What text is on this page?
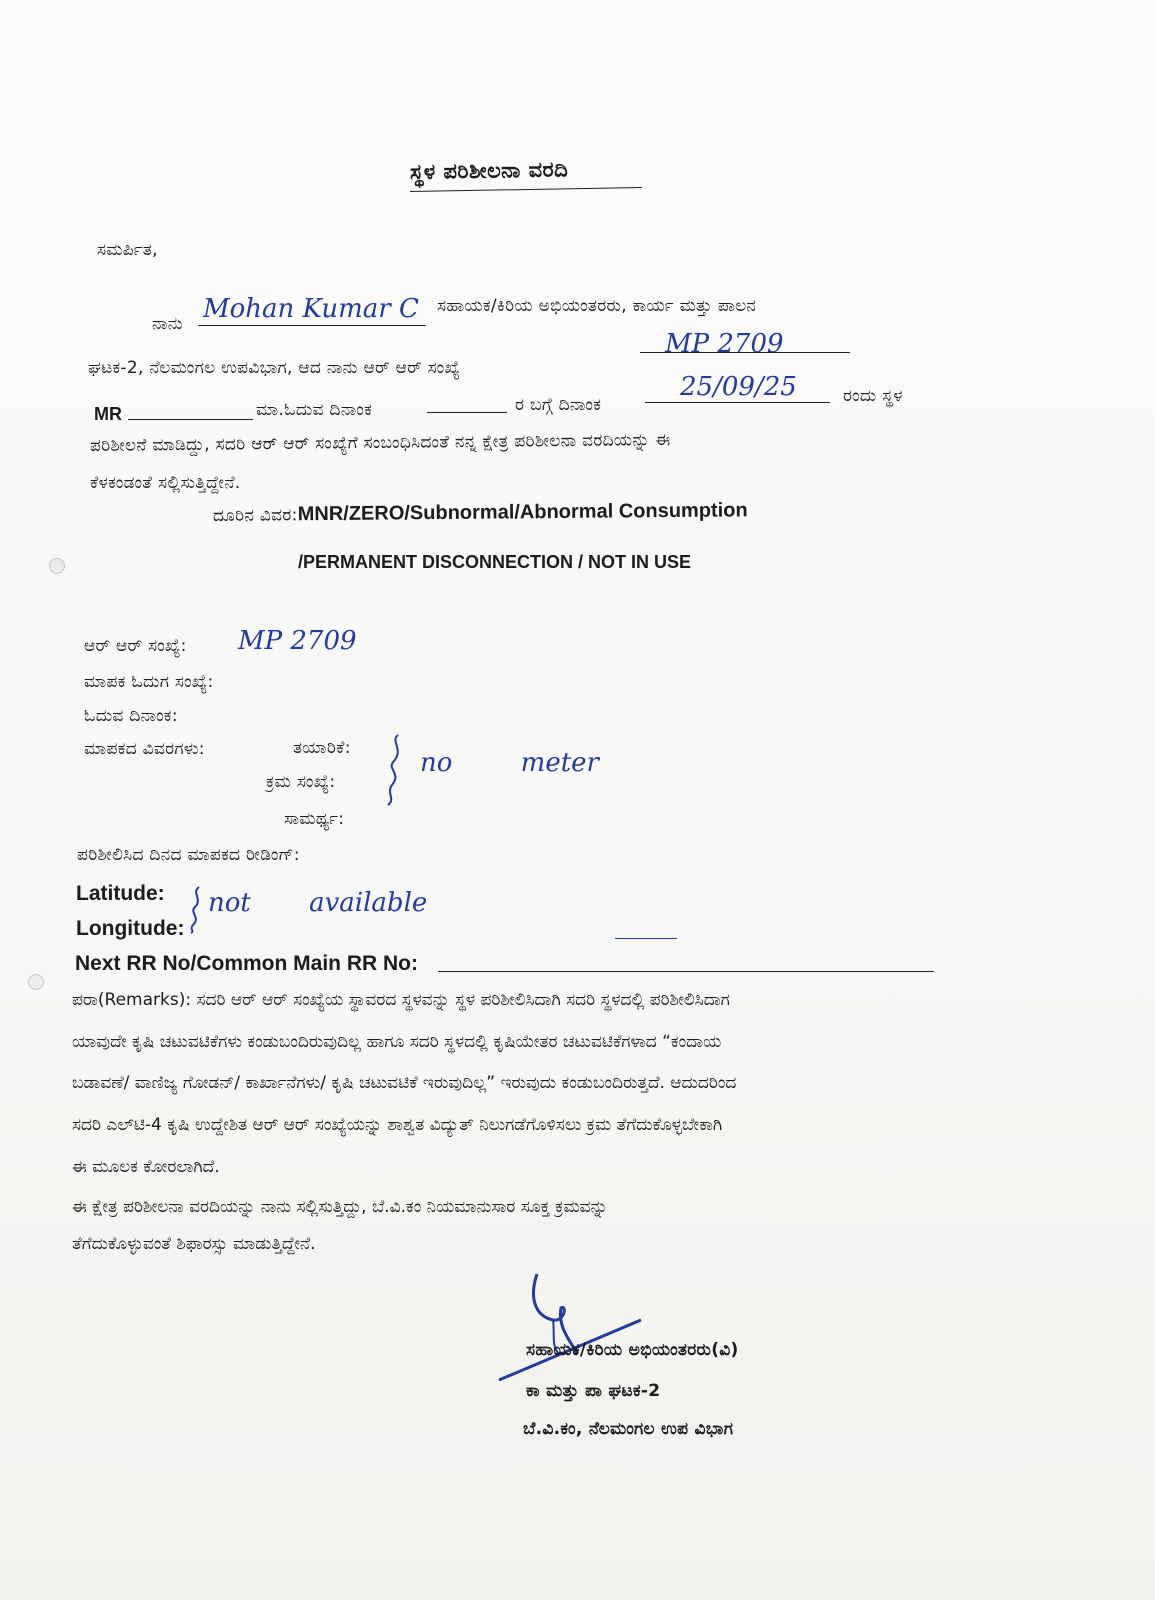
ಸ್ಥಳ ಪರಿಶೀಲನಾ ವರದಿ
ಸಮರ್ಪಿತ,
ನಾನು Mohan Kumar C ಸಹಾಯಕ/ಕಿರಿಯ ಅಭಿಯಂತರರು, ಕಾರ್ಯ ಮತ್ತು ಪಾಲನ
ಘಟಕ-2, ನೆಲಮಂಗಲ ಉಪವಿಭಾಗ, ಆದ ನಾನು ಆರ್ ಆರ್ ಸಂಖ್ಯೆ
MP 2709
MR	ಮಾ.ಓದುವ ದಿನಾಂಕ	ರ ಬಗ್ಗೆ ದಿನಾಂಕ
25/09/25	ರಂದು ಸ್ಥಳ
ಪರಿಶೀಲನೆ ಮಾಡಿದ್ದು, ಸದರಿ ಆರ್ ಆರ್ ಸಂಖ್ಯೆಗೆ ಸಂಬಂಧಿಸಿದಂತೆ ನನ್ನ ಕ್ಷೇತ್ರ ಪರಿಶೀಲನಾ ವರದಿಯನ್ನು ಈ
ಕೆಳಕಂಡಂತೆ ಸಲ್ಲಿಸುತ್ತಿದ್ದೇನೆ.
ದೂರಿನ ವಿವರ:MNR/ZERO/Subnormal/Abnormal Consumption
/PERMANENT DISCONNECTION / NOT IN USE
ಆರ್ ಆರ್ ಸಂಖ್ಯೆ: MP 2709
ಮಾಪಕ ಓದುಗ ಸಂಖ್ಯೆ:
ಓದುವ ದಿನಾಂಕ:
ಮಾಪಕದ ವಿವರಗಳು:	ತಯಾರಿಕೆ:
ಕ್ರಮ ಸಂಖ್ಯೆ:
ಸಾಮರ್ಥ್ಯ:
no meter
ಪರಿಶೀಲಿಸಿದ ದಿನದ ಮಾಪಕದ ರೀಡಿಂಗ್:
Latitude:
Longitude:
not available
Next RR No/Common Main RR No:
ಪರಾ(Remarks): ಸದರಿ ಆರ್ ಆರ್ ಸಂಖ್ಯೆಯ ಸ್ಥಾವರದ ಸ್ಥಳವನ್ನು ಸ್ಥಳ ಪರಿಶೀಲಿಸಿದಾಗಿ ಸದರಿ ಸ್ಥಳದಲ್ಲಿ ಪರಿಶೀಲಿಸಿದಾಗ
ಯಾವುದೇ ಕೃಷಿ ಚಟುವಟಿಕೆಗಳು ಕಂಡುಬಂದಿರುವುದಿಲ್ಲ ಹಾಗೂ ಸದರಿ ಸ್ಥಳದಲ್ಲಿ ಕೃಷಿಯೇತರ ಚಟುವಟಿಕೆಗಳಾದ “ಕಂದಾಯ
ಬಡಾವಣೆ/ ವಾಣಿಜ್ಯ ಗೋಡನ್/ ಕಾರ್ಖಾನೆಗಳು/ ಕೃಷಿ ಚಟುವಟಿಕೆ ಇರುವುದಿಲ್ಲ” ಇರುವುದು ಕಂಡುಬಂದಿರುತ್ತದೆ. ಆದುದರಿಂದ
ಸದರಿ ಎಲ್‌ಟಿ-4 ಕೃಷಿ ಉದ್ದೇಶಿತ ಆರ್ ಆರ್ ಸಂಖ್ಯೆಯನ್ನು ಶಾಶ್ವತ ವಿದ್ಯುತ್ ನಿಲುಗಡೆಗೊಳಿಸಲು ಕ್ರಮ ತೆಗೆದುಕೊಳ್ಳಬೇಕಾಗಿ
ಈ ಮೂಲಕ ಕೋರಲಾಗಿದೆ.
ಈ ಕ್ಷೇತ್ರ ಪರಿಶೀಲನಾ ವರದಿಯನ್ನು ನಾನು ಸಲ್ಲಿಸುತ್ತಿದ್ದು, ಬೆ.ವಿ.ಕಂ ನಿಯಮಾನುಸಾರ ಸೂಕ್ತ ಕ್ರಮವನ್ನು
ತೆಗೆದುಕೊಳ್ಳುವಂತೆ ಶಿಫಾರಸ್ಸು ಮಾಡುತ್ತಿದ್ದೇನೆ.
ಸಹಾಯಕ/ಕಿರಿಯ ಅಭಿಯಂತರರು(ವಿ)
ಕಾ ಮತ್ತು ಪಾ ಘಟಕ-2
ಬೆ.ವಿ.ಕಂ, ನೆಲಮಂಗಲ ಉಪ ವಿಭಾಗ
